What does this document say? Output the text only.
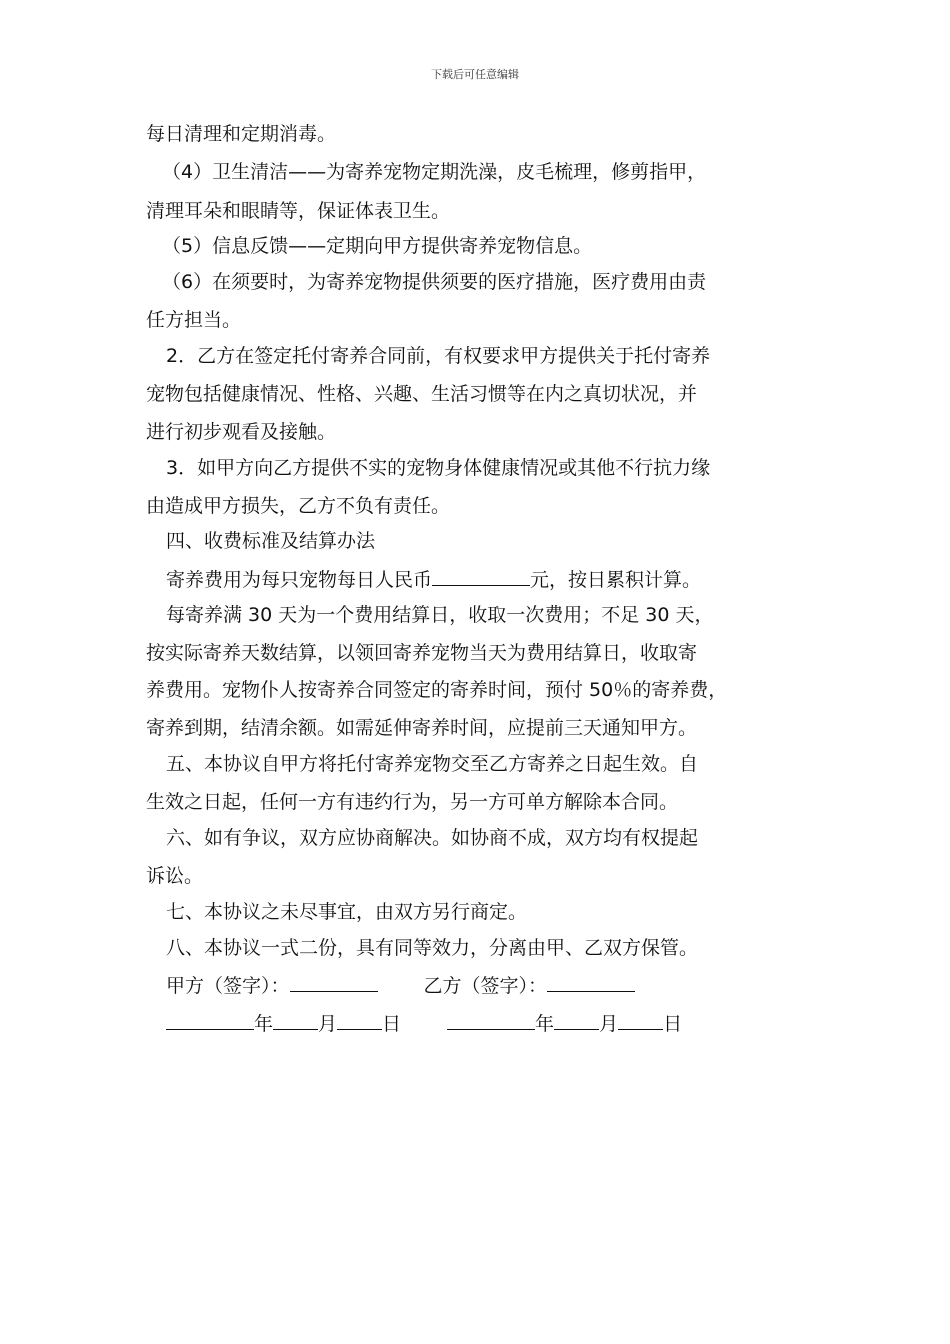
下载后可任意编辑
每日清理和定期消毒。
（4）卫生清洁——为寄养宠物定期洗澡，皮毛梳理，修剪指甲，
清理耳朵和眼睛等，保证体表卫生。
（5）信息反馈——定期向甲方提供寄养宠物信息。
（6）在须要时，为寄养宠物提供须要的医疗措施，医疗费用由责
任方担当。
2．乙方在签定托付寄养合同前，有权要求甲方提供关于托付寄养
宠物包括健康情况、性格、兴趣、生活习惯等在内之真切状况，并
进行初步观看及接触。
3．如甲方向乙方提供不实的宠物身体健康情况或其他不行抗力缘
由造成甲方损失，乙方不负有责任。
四、收费标准及结算办法
寄养费用为每只宠物每日人民币	元，按日累积计算。
每寄养满 30 天为一个费用结算日，收取一次费用；不足 30 天，
按实际寄养天数结算，以领回寄养宠物当天为费用结算日，收取寄
养费用。宠物仆人按寄养合同签定的寄养时间，预付 50％的寄养费，
寄养到期，结清余额。如需延伸寄养时间，应提前三天通知甲方。
五、本协议自甲方将托付寄养宠物交至乙方寄养之日起生效。自
生效之日起，任何一方有违约行为，另一方可单方解除本合同。
六、如有争议，双方应协商解决。如协商不成，双方均有权提起
诉讼。
七、本协议之未尽事宜，由双方另行商定。
八、本协议一式二份，具有同等效力，分离由甲、乙双方保管。
甲方（签字）：	乙方（签字）：
年 月 日	年 月 日
